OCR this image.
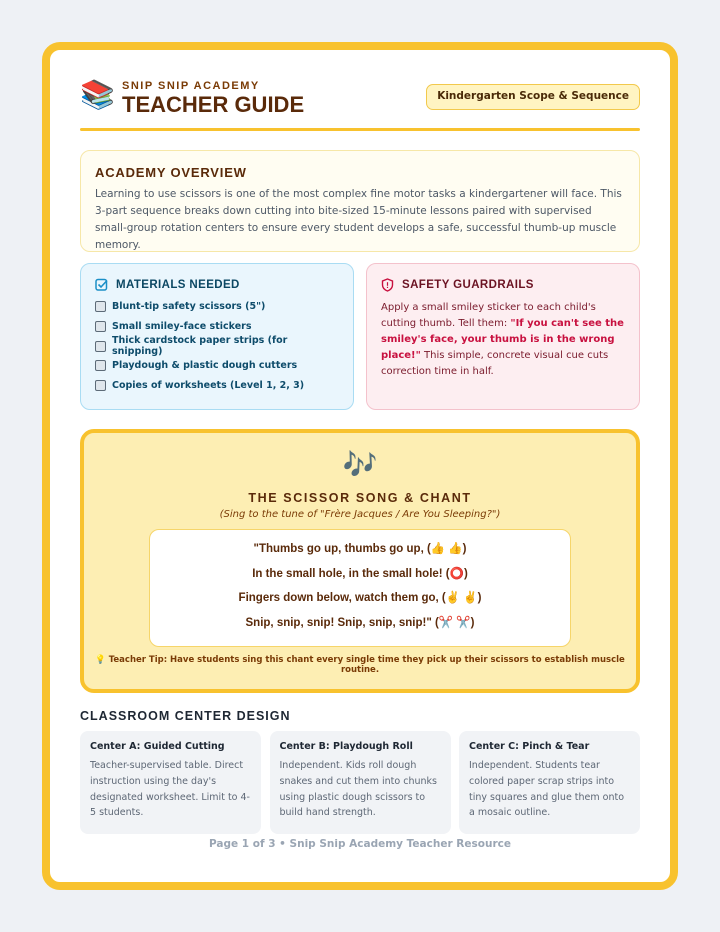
📚 SNIP SNIP ACADEMY
TEACHER GUIDE	Kindergarten Scope & Sequence
ACADEMY OVERVIEW

Learning to use scissors is one of the most complex fine motor tasks a kindergartener will face. This 3-part sequence breaks down cutting into bite-sized 15-minute lessons paired with supervised small-group rotation centers to ensure every student develops a safe, successful thumb-up muscle memory.

MATERIALS NEEDED
Blunt-tip safety scissors (5")
Small smiley-face stickers
Thick cardstock paper strips (for snipping)
Playdough & plastic dough cutters
Copies of worksheets (Level 1, 2, 3)
SAFETY GUARDRAILS

Apply a small smiley sticker to each child's cutting thumb. Tell them: "If you can't see the smiley's face, your thumb is in the wrong place!" This simple, concrete visual cue cuts correction time in half.

🎶
THE SCISSOR SONG & CHANT
(Sing to the tune of "Frère Jacques / Are You Sleeping?")
"Thumbs go up, thumbs go up, (👍 👍)
In the small hole, in the small hole! (⭕)
Fingers down below, watch them go, (✌️ ✌️)
Snip, snip, snip! Snip, snip, snip!" (✂️ ✂️)
💡 Teacher Tip: Have students sing this chant every single time they pick up their scissors to establish muscle routine.
CLASSROOM CENTER DESIGN
Center A: Guided Cutting
Teacher-supervised table. Direct instruction using the day's designated worksheet. Limit to 4-5 students.
Center B: Playdough Roll
Independent. Kids roll dough snakes and cut them into chunks using plastic dough scissors to build hand strength.
Center C: Pinch & Tear
Independent. Students tear colored paper scrap strips into tiny squares and glue them onto a mosaic outline.
Page 1 of 3 • Snip Snip Academy Teacher Resource
